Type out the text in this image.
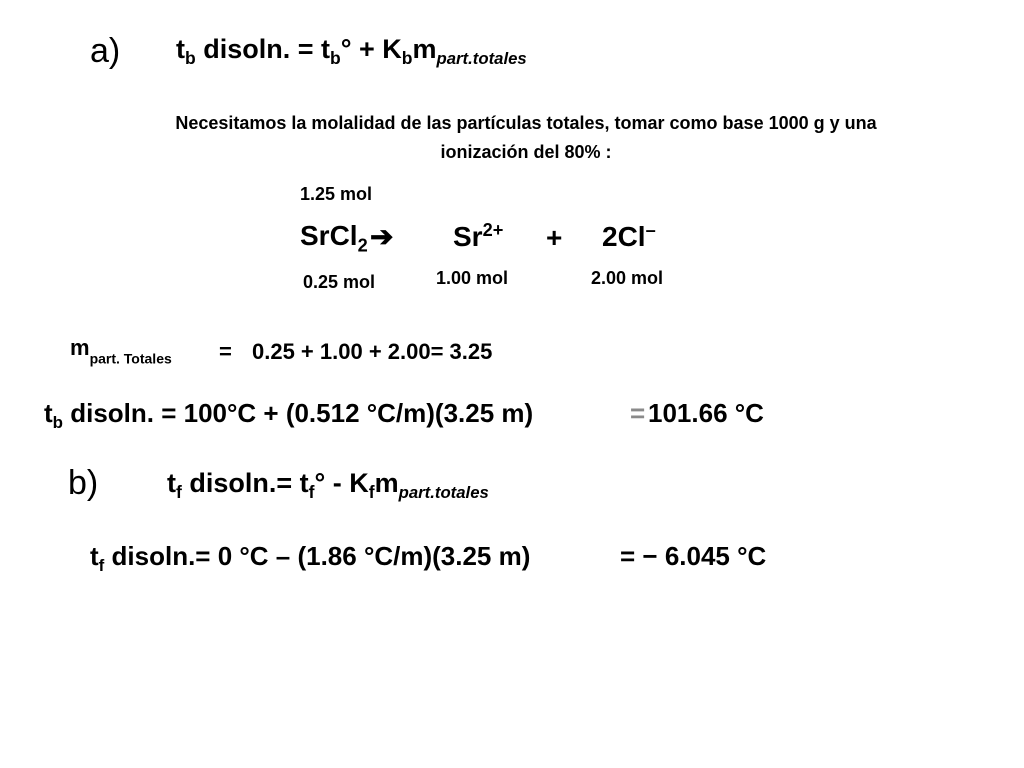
a) $t_b$ disoln. = $t_b^\circ + K_bm_{part.totales}$
Necesitamos la molalidad de las partículas totales, tomar como base 1000 g y una
ionización del 80% :
1.25 mol
SrCl$_2$ ➔ $Sr^{2+} + 2Cl^-$
0.25 mol	1.00 mol	2.00 mol
$m_{part. Totales} = 0.25 + 1.00 + 2.00= 3.25$
$t_b$ disoln. = 100°C + (0.512 °C/m)(3.25 m)	= 101.66 °C
b)	$t_f$ disoln.= $t_f^\circ - K_fm_{part.totales}$
$t_f$ disoln.= 0 °C – (1.86 °C/m)(3.25 m)	= − 6.045 °C
